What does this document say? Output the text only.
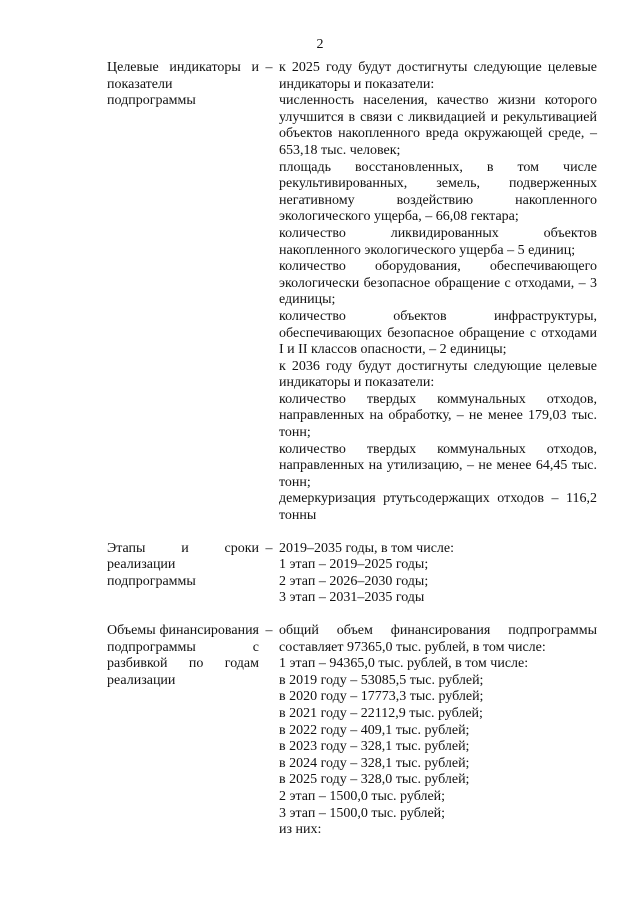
2
Целевые индикаторы и показатели подпрограммы
– к 2025 году будут достигнуты следующие целевые индикаторы и показатели:

численность населения, качество жизни которого улучшится в связи с ликвидацией и рекультивацией объектов накопленного вреда окружающей среде, – 653,18 тыс. человек;

площадь восстановленных, в том числе рекультивированных, земель, подверженных негативному воздействию накопленного экологического ущерба, – 66,08 гектара;

количество ликвидированных объектов накопленного экологического ущерба – 5 единиц;

количество оборудования, обеспечивающего экологически безопасное обращение с отходами, – 3 единицы;

количество объектов инфраструктуры, обеспечивающих безопасное обращение с отходами I и II классов опасности, – 2 единицы;

к 2036 году будут достигнуты следующие целевые индикаторы и показатели:

количество твердых коммунальных отходов, направленных на обработку, – не менее 179,03 тыс. тонн;

количество твердых коммунальных отходов, направленных на утилизацию, – не менее 64,45 тыс. тонн;

демеркуризация ртутьсодержащих отходов – 116,2 тонны

Этапы и сроки реализации подпрограммы
– 2019–2035 годы, в том числе:

1 этап – 2019–2025 годы;

2 этап – 2026–2030 годы;

3 этап – 2031–2035 годы

Объемы финансирования подпрограммы с разбивкой по годам реализации
– общий объем финансирования подпрограммы составляет 97365,0 тыс. рублей, в том числе:

1 этап – 94365,0 тыс. рублей, в том числе:

в 2019 году – 53085,5 тыс. рублей;

в 2020 году – 17773,3 тыс. рублей;

в 2021 году – 22112,9 тыс. рублей;

в 2022 году – 409,1 тыс. рублей;

в 2023 году – 328,1 тыс. рублей;

в 2024 году – 328,1 тыс. рублей;

в 2025 году – 328,0 тыс. рублей;

2 этап – 1500,0 тыс. рублей;

3 этап – 1500,0 тыс. рублей;

из них:
